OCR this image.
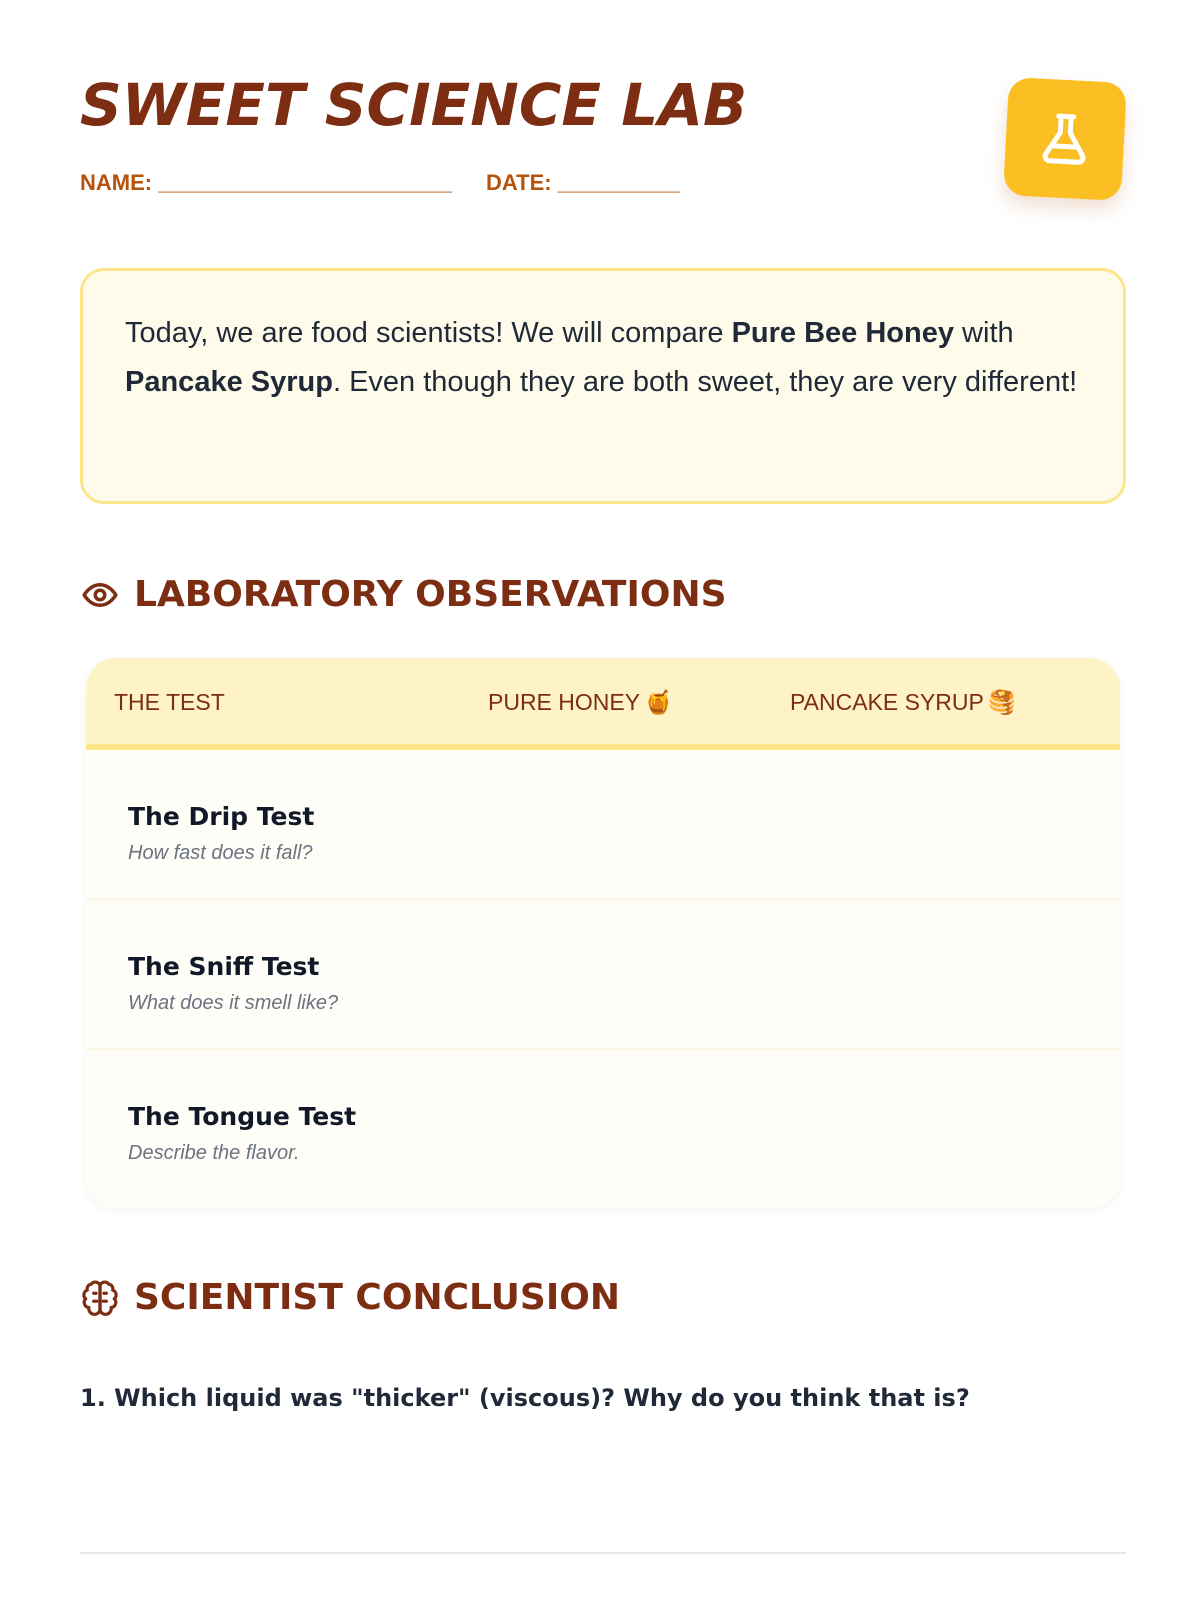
SWEET SCIENCE LAB
NAME: ________________________ DATE: __________
Today, we are food scientists! We will compare Pure Bee Honey with
Pancake Syrup. Even though they are both sweet, they are very different!
LABORATORY OBSERVATIONS
THE TEST	PURE HONEY 🍯	PANCAKE SYRUP 🥞
The Drip Test
How fast does it fall?
The Sniff Test
What does it smell like?
The Tongue Test
Describe the flavor.
SCIENTIST CONCLUSION

1. Which liquid was "thicker" (viscous)? Why do you think that is?
